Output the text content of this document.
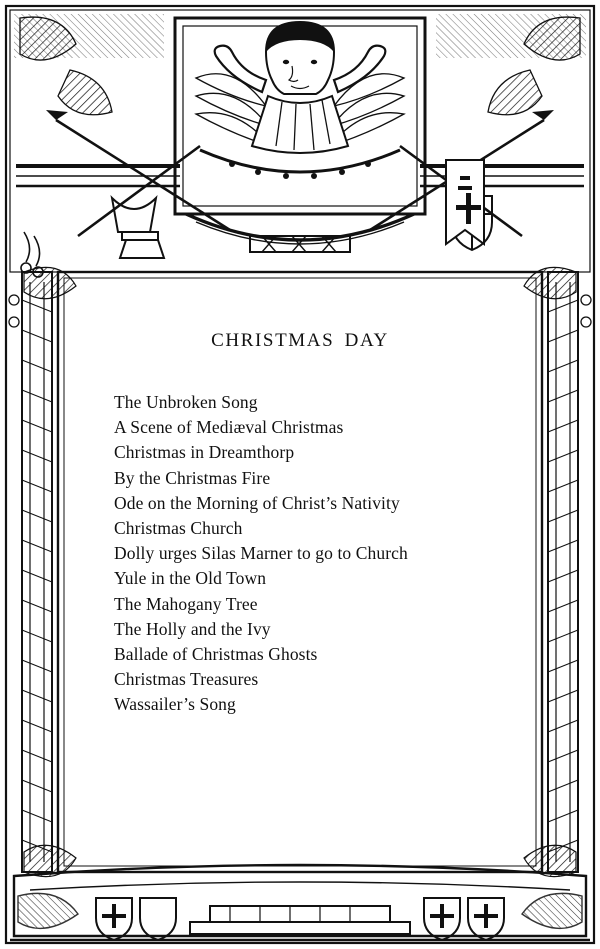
CHRISTMAS DAY
The Unbroken Song
A Scene of Mediæval Christmas
Christmas in Dreamthorp
By the Christmas Fire
Ode on the Morning of Christ’s Nativity
Christmas Church
Dolly urges Silas Marner to go to Church
Yule in the Old Town
The Mahogany Tree
The Holly and the Ivy
Ballade of Christmas Ghosts
Christmas Treasures
Wassailer’s Song
